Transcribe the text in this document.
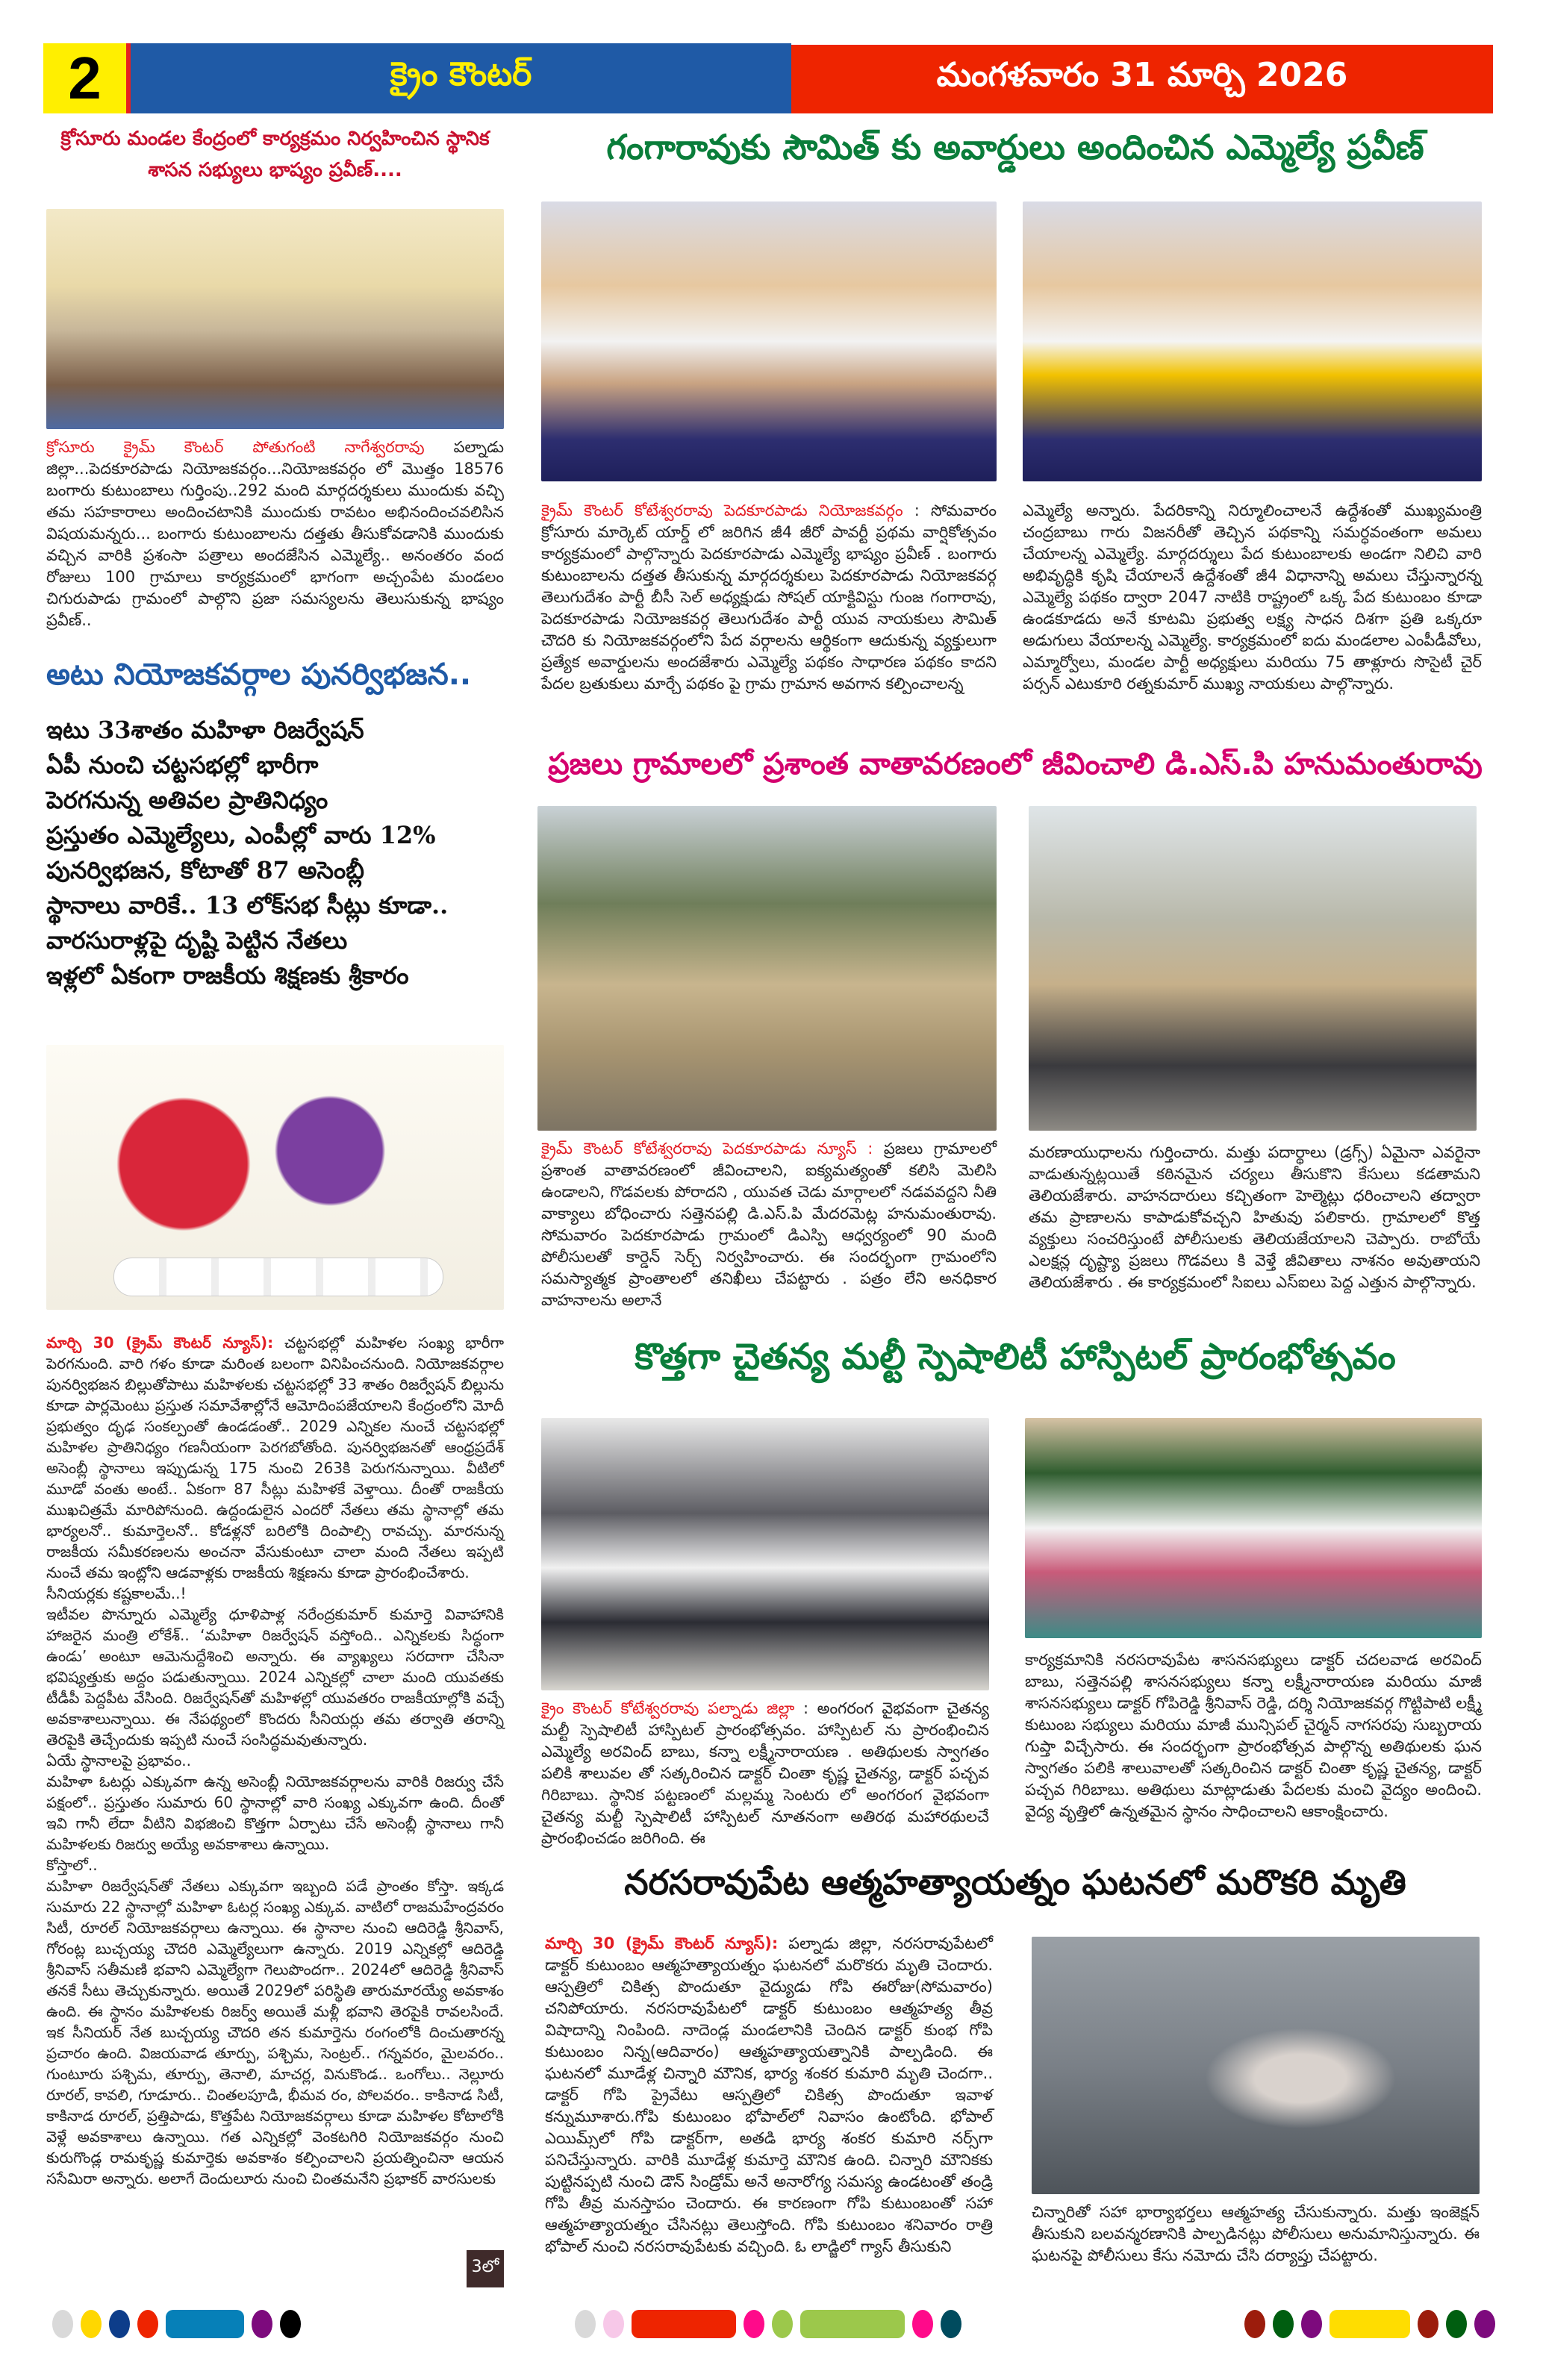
2	క్రైం కౌంటర్	మంగళవారం 31 మార్చి 2026
క్రోసూరు మండల కేంద్రంలో కార్యక్రమం నిర్వహించిన స్థానిక శాసన సభ్యులు భాష్యం ప్రవీణ్....
క్రోసూరు క్రైమ్ కౌంటర్ పోతుగంటి నాగేశ్వరరావు పల్నాడు జిల్లా...పెదకూరపాడు నియోజకవర్గం...నియోజకవర్గం లో మొత్తం 18576 బంగారు కుటుంబాలు గుర్తింపు..292 మంది మార్గదర్శకులు ముందుకు వచ్చి తమ సహకారాలు అందించటానికి ముందుకు రావటం అభినందించవలిసిన విషయమన్నరు... బంగారు కుటుంబాలను దత్తతు తీసుకోవడానికి ముందుకు వచ్చిన వారికి ప్రశంసా పత్రాలు అందజేసిన ఎమ్మెల్యే.. అనంతరం వంద రోజులు 100 గ్రామాలు కార్యక్రమంలో భాగంగా అచ్చంపేట మండలం చిగురుపాడు గ్రామంలో పాల్గొని ప్రజా సమస్యలను తెలుసుకున్న భాష్యం ప్రవీణ్..
అటు నియోజకవర్గాల పునర్విభజన..
ఇటు 33శాతం మహిళా రిజర్వేషన్
ఏపీ నుంచి చట్టసభల్లో భారీగా
పెరగనున్న అతివల ప్రాతినిధ్యం
ప్రస్తుతం ఎమ్మెల్యేలు, ఎంపీల్లో వారు 12%
పునర్విభజన, కోటాతో 87 అసెంబ్లీ
స్థానాలు వారికే.. 13 లోక్‌సభ సీట్లు కూడా..
వారసురాళ్లపై దృష్టి పెట్టిన నేతలు
ఇళ్లలో ఏకంగా రాజకీయ శిక్షణకు శ్రీకారం
మార్చి 30 (క్రైమ్ కౌంటర్ న్యూస్): చట్టసభల్లో మహిళల సంఖ్య భారీగా పెరగనుంది. వారి గళం కూడా మరింత బలంగా వినిపించనుంది. నియోజకవర్గాల పునర్విభజన బిల్లుతోపాటు మహిళలకు చట్టసభల్లో 33 శాతం రిజర్వేషన్ బిల్లును కూడా పార్లమెంటు ప్రస్తుత సమావేశాల్లోనే ఆమోదింపజేయాలని కేంద్రంలోని మోదీ ప్రభుత్వం దృఢ సంకల్పంతో ఉండడంతో.. 2029 ఎన్నికల నుంచే చట్టసభల్లో మహిళల ప్రాతినిధ్యం గణనీయంగా పెరగబోతోంది. పునర్విభజనతో ఆంధ్రప్రదేశ్ అసెంబ్లీ స్థానాలు ఇప్పుడున్న 175 నుంచి 263కి పెరుగనున్నాయి. వీటిలో మూడో వంతు అంటే.. ఏకంగా 87 సీట్లు మహిళకే వెళ్తాయి. దీంతో రాజకీయ ముఖచిత్రమే మారిపోనుంది. ఉద్దండులైన ఎందరో నేతలు తమ స్థానాల్లో తమ భార్యలనో.. కుమార్తెలనో.. కోడళ్లనో బరిలోకి దింపాల్సి రావచ్చు. మారనున్న రాజకీయ సమీకరణలను అంచనా వేసుకుంటూ చాలా మంది నేతలు ఇప్పటి నుంచే తమ ఇంట్లోని ఆడవాళ్లకు రాజకీయ శిక్షణను కూడా ప్రారంభించేశారు.
సీనియర్లకు కష్టకాలమే..!
ఇటీవల పొన్నూరు ఎమ్మెల్యే ధూళిపాళ్ల నరేంద్రకుమార్ కుమార్తె వివాహానికి హాజరైన మంత్రి లోకేశ్.. ‘మహిళా రిజర్వేషన్ వస్తోంది.. ఎన్నికలకు సిద్ధంగా ఉండు’ అంటూ ఆమెనుద్దేశించి అన్నారు. ఈ వ్యాఖ్యలు సరదాగా చేసినా భవిష్యత్తుకు అద్దం పడుతున్నాయి. 2024 ఎన్నికల్లో చాలా మంది యువతకు టీడీపీ పెద్దపీట వేసింది. రిజర్వేషన్‌తో మహిళల్లో యువతరం రాజకీయాల్లోకి వచ్చే అవకాశాలున్నాయి. ఈ నేపథ్యంలో కొందరు సీనియర్లు తమ తర్వాతి తరాన్ని తెరపైకి తెచ్చేందుకు ఇప్పటి నుంచే సంసిద్ధమవుతున్నారు.
ఏయే స్థానాలపై ప్రభావం..
మహిళా ఓటర్లు ఎక్కువగా ఉన్న అసెంబ్లీ నియోజకవర్గాలను వారికి రిజర్వు చేసే పక్షంలో.. ప్రస్తుతం సుమారు 60 స్థానాల్లో వారి సంఖ్య ఎక్కువగా ఉంది. దీంతో ఇవి గానీ లేదా వీటిని విభజించి కొత్తగా ఏర్పాటు చేసే అసెంబ్లీ స్థానాలు గానీ మహిళలకు రిజర్వు అయ్యే అవకాశాలు ఉన్నాయి.
కోస్తాలో..
మహిళా రిజర్వేషన్‌తో నేతలు ఎక్కువగా ఇబ్బంది పడే ప్రాంతం కోస్తా. ఇక్కడ సుమారు 22 స్థానాల్లో మహిళా ఓటర్ల సంఖ్య ఎక్కువ. వాటిలో రాజమహేంద్రవరం సిటీ, రూరల్ నియోజకవర్గాలు ఉన్నాయి. ఈ స్థానాల నుంచి ఆదిరెడ్డి శ్రీనివాస్, గోరంట్ల బుచ్చయ్య చౌదరి ఎమ్మెల్యేలుగా ఉన్నారు. 2019 ఎన్నికల్లో ఆదిరెడ్డి శ్రీనివాస్ సతీమణి భవాని ఎమ్మెల్యేగా గెలుపొందగా.. 2024లో ఆదిరెడ్డి శ్రీనివాస్ తనకే సీటు తెచ్చుకున్నారు. అయితే 2029లో పరిస్థితి తారుమారయ్యే అవకాశం ఉంది. ఈ స్థానం మహిళలకు రిజర్వ్ అయితే మళ్లీ భవాని తెరపైకి రావలసిందే. ఇక సీనియర్ నేత బుచ్చయ్య చౌదరి తన కుమార్తెను రంగంలోకి దించుతారన్న ప్రచారం ఉంది. విజయవాడ తూర్పు, పశ్చిమ, సెంట్రల్.. గన్నవరం, మైలవరం.. గుంటూరు పశ్చిమ, తూర్పు, తెనాలి, మాచర్ల, వినుకొండ.. ఒంగోలు.. నెల్లూరు రూరల్, కావలి, గూడూరు.. చింతలపూడి, భీమవ రం, పోలవరం.. కాకినాడ సిటీ, కాకినాడ రూరల్, ప్రత్తిపాడు, కొత్తపేట నియోజకవర్గాలు కూడా మహిళల కోటాలోకి వెళ్లే అవకాశాలు ఉన్నాయి. గత ఎన్నికల్లో వెంకటగిరి నియోజకవర్గం నుంచి కురుగొండ్ల రామకృష్ణ కుమార్తెకు అవకాశం కల్పించాలని ప్రయత్నించినా ఆయన ససేమిరా అన్నారు. అలాగే దెందులూరు నుంచి చింతమనేని ప్రభాకర్ వారసులకు
3లో
గంగారావుకు సౌమిత్ కు అవార్డులు అందించిన ఎమ్మెల్యే ప్రవీణ్
క్రైమ్ కౌంటర్ కోటేశ్వరరావు పెదకూరపాడు నియోజకవర్గం : సోమవారం క్రోసూరు మార్కెట్ యార్డ్ లో జరిగిన జీ4 జీరో పావర్టీ ప్రథమ వార్షికోత్సవం కార్యక్రమంలో పాల్గొన్నారు పెదకూరపాడు ఎమ్మెల్యే భాష్యం ప్రవీణ్ . బంగారు కుటుంబాలను దత్తత తీసుకున్న మార్గదర్శకులు పెదకూరపాడు నియోజకవర్గ తెలుగుదేశం పార్టీ బీసీ సెల్ అధ్యక్షుడు సోషల్ యాక్టివిస్టు గుంజ గంగారావు, పెదకూరపాడు నియోజకవర్గ తెలుగుదేశం పార్టీ యువ నాయకులు సౌమిత్ చౌదరి కు నియోజకవర్గంలోని పేద వర్గాలను ఆర్థికంగా ఆదుకున్న వ్యక్తులుగా ప్రత్యేక అవార్డులను అందజేశారు ఎమ్మెల్యే పథకం సాధారణ పథకం కాదని పేదల బ్రతుకులు మార్చే పథకం పై గ్రామ గ్రామాన అవగాన కల్పించాలన్న
ఎమ్మెల్యే అన్నారు. పేదరికాన్ని నిర్మూలించాలనే ఉద్దేశంతో ముఖ్యమంత్రి చంద్రబాబు గారు విజనరీతో తెచ్చిన పథకాన్ని సమర్ధవంతంగా అమలు చేయాలన్న ఎమ్మెల్యే. మార్గదర్శులు పేద కుటుంబాలకు అండగా నిలిచి వారి అభివృద్ధికి కృషి చేయాలనే ఉద్దేశంతో జీ4 విధానాన్ని అమలు చేస్తున్నారన్న ఎమ్మెల్యే పథకం ద్వారా 2047 నాటికి రాష్ట్రంలో ఒక్క పేద కుటుంబం కూడా ఉండకూడదు అనే కూటమి ప్రభుత్వ లక్ష్య సాధన దిశగా ప్రతి ఒక్కరూ అడుగులు వేయాలన్న ఎమ్మెల్యే. కార్యక్రమంలో ఐదు మండలాల ఎంపీడీవోలు, ఎమ్మార్వోలు, మండల పార్టీ అధ్యక్షులు మరియు 75 తాళ్లూరు సొసైటీ చైర్ పర్సన్ ఎటుకూరి రత్నకుమార్ ముఖ్య నాయకులు పాల్గొన్నారు.
ప్రజలు గ్రామాలలో ప్రశాంత వాతావరణంలో జీవించాలి డి.ఎస్.పి హనుమంతురావు
క్రైమ్ కౌంటర్ కోటేశ్వరరావు పెదకూరపాడు న్యూస్ : ప్రజలు గ్రామాలలో ప్రశాంత వాతావరణంలో జీవించాలని, ఐక్యమత్యంతో కలిసి మెలిసి ఉండాలని, గొడవలకు పోరాదని , యువత చెడు మార్గాలలో నడవవద్దని నీతి వాక్యాలు బోధించారు సత్తెనపల్లి డి.ఎస్.పి మేదరమెట్ల హనుమంతురావు. సోమవారం పెదకూరపాడు గ్రామంలో డిఎస్పి ఆధ్వర్యంలో 90 మంది పోలీసులతో కార్డెన్ సెర్చ్ నిర్వహించారు. ఈ సందర్భంగా గ్రామంలోని సమస్యాత్మక ప్రాంతాలలో తనిఖీలు చేపట్టారు . పత్రం లేని అనధికార వాహనాలను అలానే
మరణాయుధాలను గుర్తించారు. మత్తు పదార్థాలు (డ్రగ్స్) ఏమైనా ఎవరైనా వాడుతున్నట్లయితే కఠినమైన చర్యలు తీసుకొని కేసులు కడతామని తెలియజేశారు. వాహనదారులు కచ్చితంగా హెల్మెట్లు ధరించాలని తద్వారా తమ ప్రాణాలను కాపాడుకోవచ్చని హితువు పలికారు. గ్రామాలలో కొత్త వ్యక్తులు సంచరిస్తుంటే పోలీసులకు తెలియజేయాలని చెప్పారు. రాబోయే ఎలక్షన్ల దృష్ట్యా ప్రజలు గొడవలు కి వెళ్తే జీవితాలు నాశనం అవుతాయని తెలియజేశారు . ఈ కార్యక్రమంలో సిఐలు ఎస్ఐలు పెద్ద ఎత్తున పాల్గొన్నారు.
కొత్తగా చైతన్య మల్టీ స్పెషాలిటీ హాస్పిటల్ ప్రారంభోత్సవం
క్రైం కౌంటర్ కోటేశ్వరరావు పల్నాడు జిల్లా : అంగరంగ వైభవంగా చైతన్య మల్టీ స్పెషాలిటీ హాస్పిటల్ ప్రారంభోత్సవం. హాస్పిటల్ ను ప్రారంభించిన ఎమ్మెల్యే అరవింద్ బాబు, కన్నా లక్ష్మీనారాయణ . అతిథులకు స్వాగతం పలికి శాలువల తో సత్కరించిన డాక్టర్ చింతా కృష్ణ చైతన్య, డాక్టర్ పచ్చవ గిరిబాబు. స్థానిక పట్టణంలో మల్లమ్మ సెంటరు లో అంగరంగ వైభవంగా చైతన్య మల్టీ స్పెషాలిటీ హాస్పిటల్ నూతనంగా అతిరథ మహారథులచే ప్రారంభించడం జరిగింది. ఈ
కార్యక్రమానికి నరసరావుపేట శాసనసభ్యులు డాక్టర్ చదలవాడ అరవింద్ బాబు, సత్తెనపల్లి శాసనసభ్యులు కన్నా లక్ష్మీనారాయణ మరియు మాజీ శాసనసభ్యులు డాక్టర్ గోపిరెడ్డి శ్రీనివాస్ రెడ్డి, దర్శి నియోజకవర్గ గొట్టిపాటి లక్ష్మీ కుటుంబ సభ్యులు మరియు మాజీ మున్సిపల్ చైర్మన్ నాగసరపు సుబ్బరాయ గుప్తా విచ్చేసారు. ఈ సందర్భంగా ప్రారంభోత్సవ పాల్గొన్న అతిథులకు ఘన స్వాగతం పలికి శాలువాలతో సత్కరించిన డాక్టర్ చింతా కృష్ణ చైతన్య, డాక్టర్ పచ్చవ గిరిబాబు. అతిథులు మాట్లాడుతు పేదలకు మంచి వైద్యం అందించి. వైద్య వృత్తిలో ఉన్నతమైన స్థానం సాధించాలని ఆకాంక్షించారు.
నరసరావుపేట ఆత్మహత్యాయత్నం ఘటనలో మరొకరి మృతి
మార్చి 30 (క్రైమ్ కౌంటర్ న్యూస్): పల్నాడు జిల్లా, నరసరావుపేటలో డాక్టర్ కుటుంబం ఆత్మహత్యాయత్నం ఘటనలో మరొకరు మృతి చెందారు. ఆస్పత్రిలో చికిత్స పొందుతూ వైద్యుడు గోపి ఈరోజు(సోమవారం) చనిపోయారు. నరసరావుపేటలో డాక్టర్ కుటుంబం ఆత్మహత్య తీవ్ర విషాదాన్ని నింపింది. నాదెండ్ల మండలానికి చెందిన డాక్టర్ కుంభ గోపి కుటుంబం నిన్న(ఆదివారం) ఆత్మహత్యాయత్నానికి పాల్పడింది. ఈ ఘటనలో మూడేళ్ల చిన్నారి మౌనిక, భార్య శంకర కుమారి మృతి చెందగా.. డాక్టర్ గోపి ప్రైవేటు ఆస్పత్రిలో చికిత్స పొందుతూ ఇవాళ కన్నుమూశారు.గోపి కుటుంబం భోపాల్‌లో నివాసం ఉంటోంది. భోపాల్ ఎయిమ్స్‌లో గోపి డాక్టర్‌గా, అతడి భార్య శంకర కుమారి నర్స్‌గా పనిచేస్తున్నారు. వారికి మూడేళ్ల కుమార్తె మౌనిక ఉంది. చిన్నారి మౌనికకు పుట్టినప్పటి నుంచి డౌన్ సిండ్రోమ్ అనే అనారోగ్య సమస్య ఉండటంతో తండ్రి గోపి తీవ్ర మనస్తాపం చెందారు. ఈ కారణంగా గోపి కుటుంబంతో సహా ఆత్మహత్యాయత్నం చేసినట్లు తెలుస్తోంది. గోపి కుటుంబం శనివారం రాత్రి భోపాల్ నుంచి నరసరావుపేటకు వచ్చింది. ఓ లాడ్జిలో గ్యాస్ తీసుకుని
చిన్నారితో సహా భార్యాభర్తలు ఆత్మహత్య చేసుకున్నారు. మత్తు ఇంజెక్షన్ తీసుకుని బలవన్మరణానికి పాల్పడినట్లు పోలీసులు అనుమానిస్తున్నారు. ఈ ఘటనపై పోలీసులు కేసు నమోదు చేసి దర్యాప్తు చేపట్టారు.
